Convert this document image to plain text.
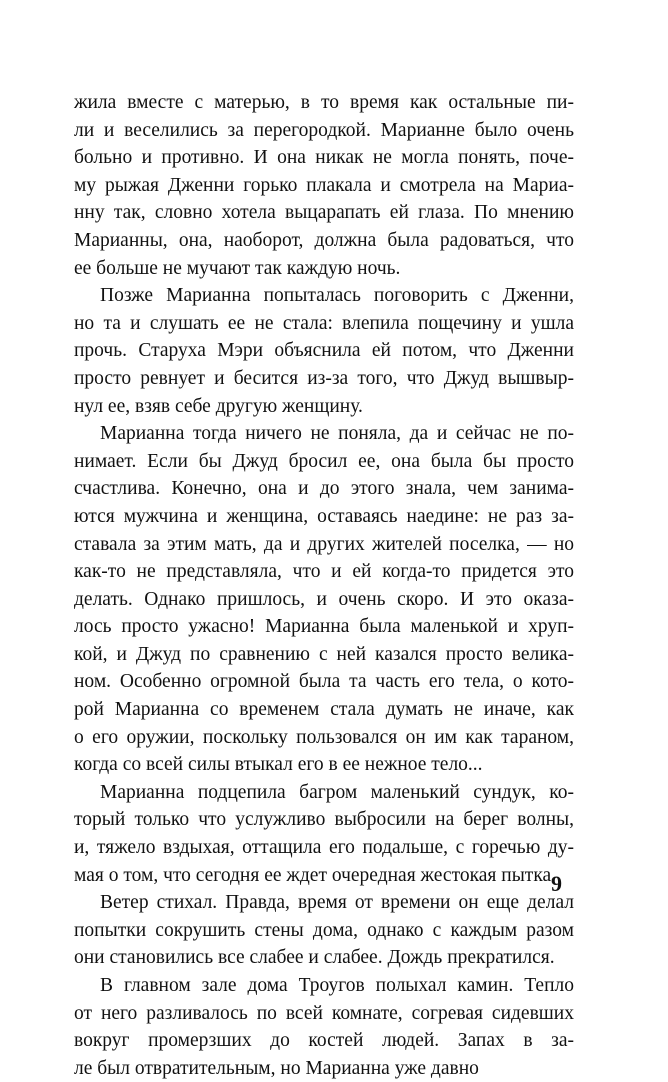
жила вместе с матерью, в то время как остальные пи-
ли и веселились за перегородкой. Марианне было очень
больно и противно. И она никак не могла понять, поче-
му рыжая Дженни горько плакала и смотрела на Мариа-
нну так, словно хотела выцарапать ей глаза. По мнению
Марианны, она, наоборот, должна была радоваться, что
ее больше не мучают так каждую ночь.
Позже Марианна попыталась поговорить с Дженни,
но та и слушать ее не стала: влепила пощечину и ушла
прочь. Старуха Мэри объяснила ей потом, что Дженни
просто ревнует и бесится из-за того, что Джуд вышвыр-
нул ее, взяв себе другую женщину.
Марианна тогда ничего не поняла, да и сейчас не по-
нимает. Если бы Джуд бросил ее, она была бы просто
счастлива. Конечно, она и до этого знала, чем занима-
ются мужчина и женщина, оставаясь наедине: не раз за-
ставала за этим мать, да и других жителей поселка, — но
как-то не представляла, что и ей когда-то придется это
делать. Однако пришлось, и очень скоро. И это оказа-
лось просто ужасно! Марианна была маленькой и хруп-
кой, и Джуд по сравнению с ней казался просто велика-
ном. Особенно огромной была та часть его тела, о кото-
рой Марианна со временем стала думать не иначе, как
о его оружии, поскольку пользовался он им как тараном,
когда со всей силы втыкал его в ее нежное тело...
Марианна подцепила багром маленький сундук, ко-
торый только что услужливо выбросили на берег волны,
и, тяжело вздыхая, оттащила его подальше, с горечью ду-
мая о том, что сегодня ее ждет очередная жестокая пытка.
Ветер стихал. Правда, время от времени он еще делал
попытки сокрушить стены дома, однако с каждым разом
они становились все слабее и слабее. Дождь прекратился.
В главном зале дома Троугов полыхал камин. Тепло
от него разливалось по всей комнате, согревая сидевших
вокруг промерзших до костей людей. Запах в за-
ле был отвратительным, но Марианна уже давно
9
